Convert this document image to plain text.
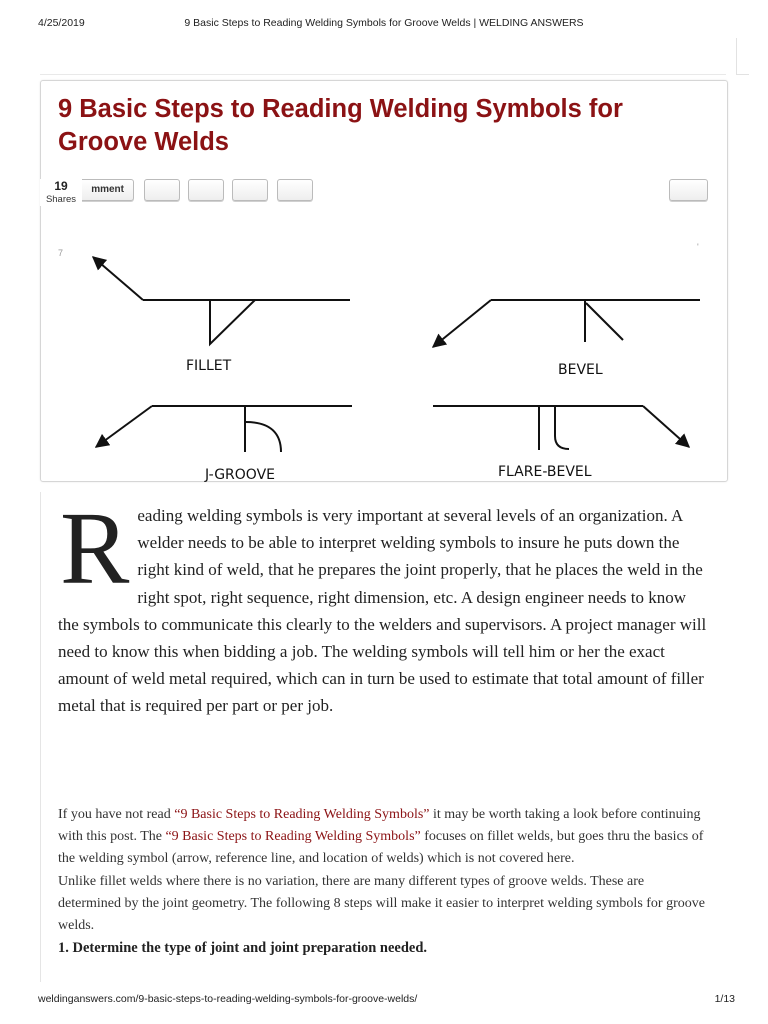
4/25/2019	9 Basic Steps to Reading Welding Symbols for Groove Welds | WELDING ANSWERS
9 Basic Steps to Reading Welding Symbols for Groove Welds
mment
19
Shares
7
'
FILLET	BEVEL
J-GROOVE	FLARE-BEVEL
R eading welding symbols is very important at several levels of an organization. A welder needs to be able to interpret welding symbols to insure he puts down the right kind of weld, that he prepares the joint properly, that he places the weld in the right spot, right sequence, right dimension, etc. A design engineer needs to know the symbols to communicate this clearly to the welders and supervisors. A project manager will need to know this when bidding a job. The welding symbols will tell him or her the exact amount of weld metal required, which can in turn be used to estimate that total amount of filler metal that is required per part or per job.

If you have not read “9 Basic Steps to Reading Welding Symbols” it may be worth taking a look before continuing with this post. The “9 Basic Steps to Reading Welding Symbols” focuses on fillet welds, but goes thru the basics of the welding symbol (arrow, reference line, and location of welds) which is not covered here.

Unlike fillet welds where there is no variation, there are many different types of groove welds. These are determined by the joint geometry. The following 8 steps will make it easier to interpret welding symbols for groove welds.

1. Determine the type of joint and joint preparation needed.

weldinganswers.com/9-basic-steps-to-reading-welding-symbols-for-groove-welds/	1/13
